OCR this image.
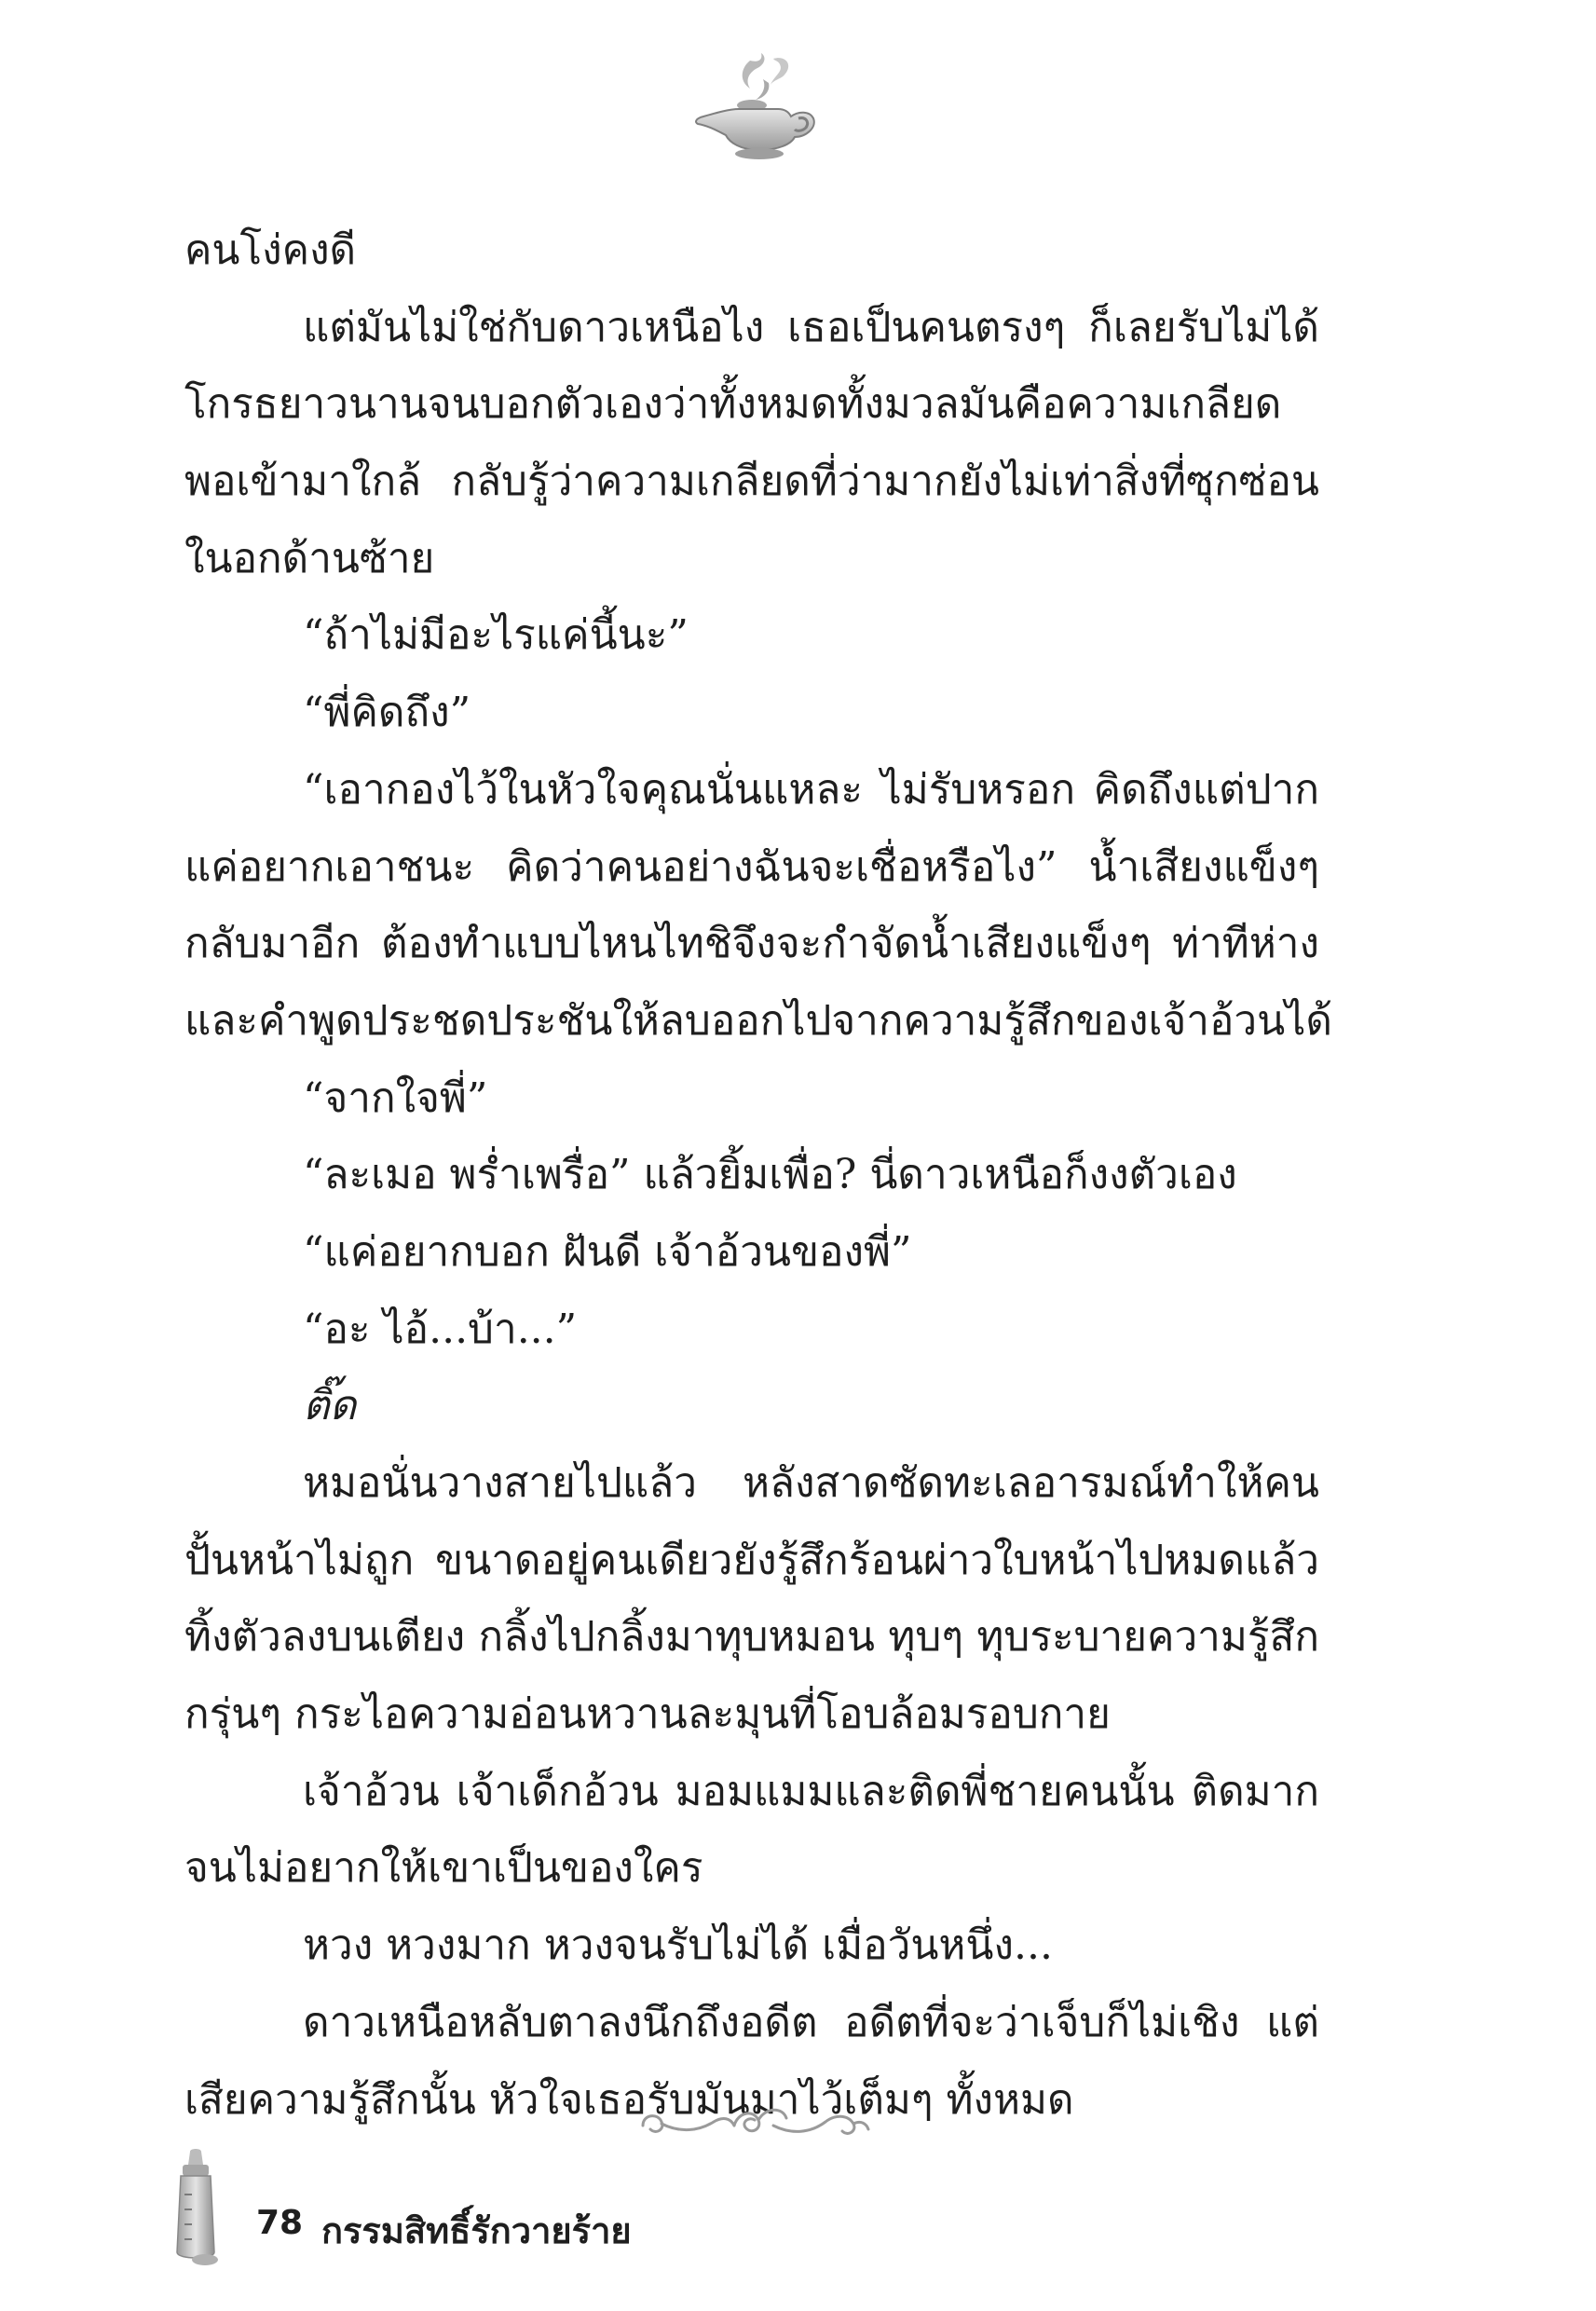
คนโง่คงดี
แต่มันไม่ใช่กับดาวเหนือไง เธอเป็นคนตรงๆ ก็เลยรับไม่ได้
โกรธยาวนานจนบอกตัวเองว่าทั้งหมดทั้งมวลมันคือความเกลียด
พอเข้ามาใกล้ กลับรู้ว่าความเกลียดที่ว่ามากยังไม่เท่าสิ่งที่ซุกซ่อน
ในอกด้านซ้าย
“ถ้าไม่มีอะไรแค่นี้นะ”
“พี่คิดถึง”
“เอากองไว้ในหัวใจคุณนั่นแหละ ไม่รับหรอก คิดถึงแต่ปาก
แค่อยากเอาชนะ คิดว่าคนอย่างฉันจะเชื่อหรือไง” น้ำเสียงแข็งๆ
กลับมาอีก ต้องทำแบบไหนไทชิจึงจะกำจัดน้ำเสียงแข็งๆ ท่าทีห่าง
และคำพูดประชดประชันให้ลบออกไปจากความรู้สึกของเจ้าอ้วนได้
“จากใจพี่”
“ละเมอ พร่ำเพรื่อ” แล้วยิ้มเพื่อ? นี่ดาวเหนือก็งงตัวเอง
“แค่อยากบอก ฝันดี เจ้าอ้วนของพี่”
“อะ ไอ้...บ้า...”
ติ๊ด
หมอนั่นวางสายไปแล้ว หลังสาดซัดทะเลอารมณ์ทำให้คน
ปั้นหน้าไม่ถูก ขนาดอยู่คนเดียวยังรู้สึกร้อนผ่าวใบหน้าไปหมดแล้ว
ทิ้งตัวลงบนเตียง กลิ้งไปกลิ้งมาทุบหมอน ทุบๆ ทุบระบายความรู้สึก
กรุ่นๆ กระไอความอ่อนหวานละมุนที่โอบล้อมรอบกาย
เจ้าอ้วน เจ้าเด็กอ้วน มอมแมมและติดพี่ชายคนนั้น ติดมาก
จนไม่อยากให้เขาเป็นของใคร
หวง หวงมาก หวงจนรับไม่ได้ เมื่อวันหนึ่ง...
ดาวเหนือหลับตาลงนึกถึงอดีต อดีตที่จะว่าเจ็บก็ไม่เชิง แต่
เสียความรู้สึกนั้น หัวใจเธอรับมันมาไว้เต็มๆ ทั้งหมด
78 กรรมสิทธิ์รักวายร้าย
